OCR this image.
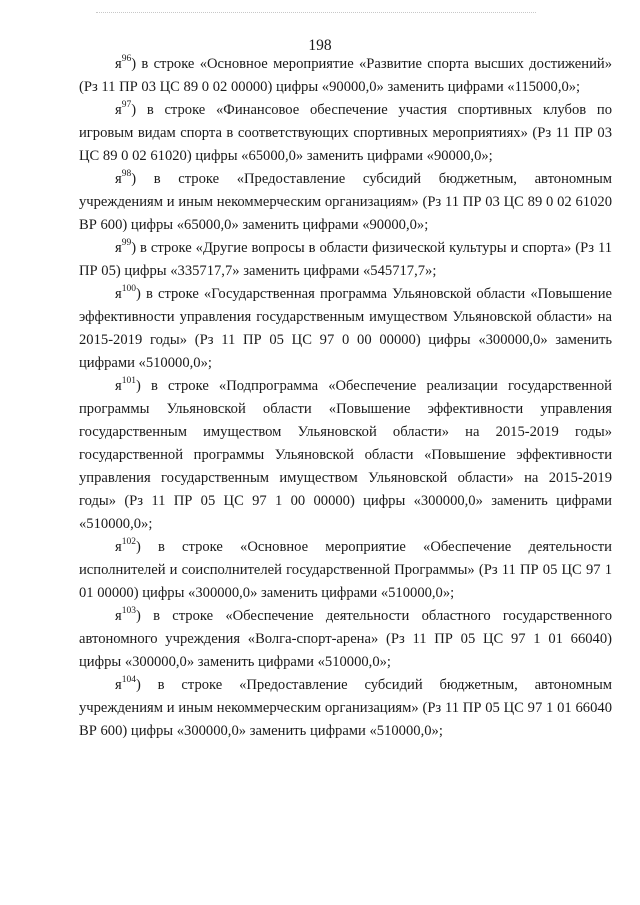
198

$я^{96}$) в строке «Основное мероприятие «Развитие спорта высших достижений» (Рз 11 ПР 03 ЦС 89 0 02 00000) цифры «90000,0» заменить цифрами «115000,0»;

$я^{97}$) в строке «Финансовое обеспечение участия спортивных клубов по игровым видам спорта в соответствующих спортивных мероприятиях» (Рз 11 ПР 03 ЦС 89 0 02 61020) цифры «65000,0» заменить цифрами «90000,0»;

$я^{98}$) в строке «Предоставление субсидий бюджетным, автономным учреждениям и иным некоммерческим организациям» (Рз 11 ПР 03 ЦС 89 0 02 61020 ВР 600) цифры «65000,0» заменить цифрами «90000,0»;

$я^{99}$) в строке «Другие вопросы в области физической культуры и спорта» (Рз 11 ПР 05) цифры «335717,7» заменить цифрами «545717,7»;

$я^{100}$) в строке «Государственная программа Ульяновской области «Повышение эффективности управления государственным имуществом Ульяновской области» на 2015-2019 годы» (Рз 11 ПР 05 ЦС 97 0 00 00000) цифры «300000,0» заменить цифрами «510000,0»;

$я^{101}$) в строке «Подпрограмма «Обеспечение реализации государственной программы Ульяновской области «Повышение эффективности управления государственным имуществом Ульяновской области» на 2015-2019 годы» государственной программы Ульяновской области «Повышение эффективности управления государственным имуществом Ульяновской области» на 2015-2019 годы» (Рз 11 ПР 05 ЦС 97 1 00 00000) цифры «300000,0» заменить цифрами «510000,0»;

$я^{102}$) в строке «Основное мероприятие «Обеспечение деятельности исполнителей и соисполнителей государственной Программы» (Рз 11 ПР 05 ЦС 97 1 01 00000) цифры «300000,0» заменить цифрами «510000,0»;

$я^{103}$) в строке «Обеспечение деятельности областного государственного автономного учреждения «Волга-спорт-арена» (Рз 11 ПР 05 ЦС 97 1 01 66040) цифры «300000,0» заменить цифрами «510000,0»;

$я^{104}$) в строке «Предоставление субсидий бюджетным, автономным учреждениям и иным некоммерческим организациям» (Рз 11 ПР 05 ЦС 97 1 01 66040 ВР 600) цифры «300000,0» заменить цифрами «510000,0»;
